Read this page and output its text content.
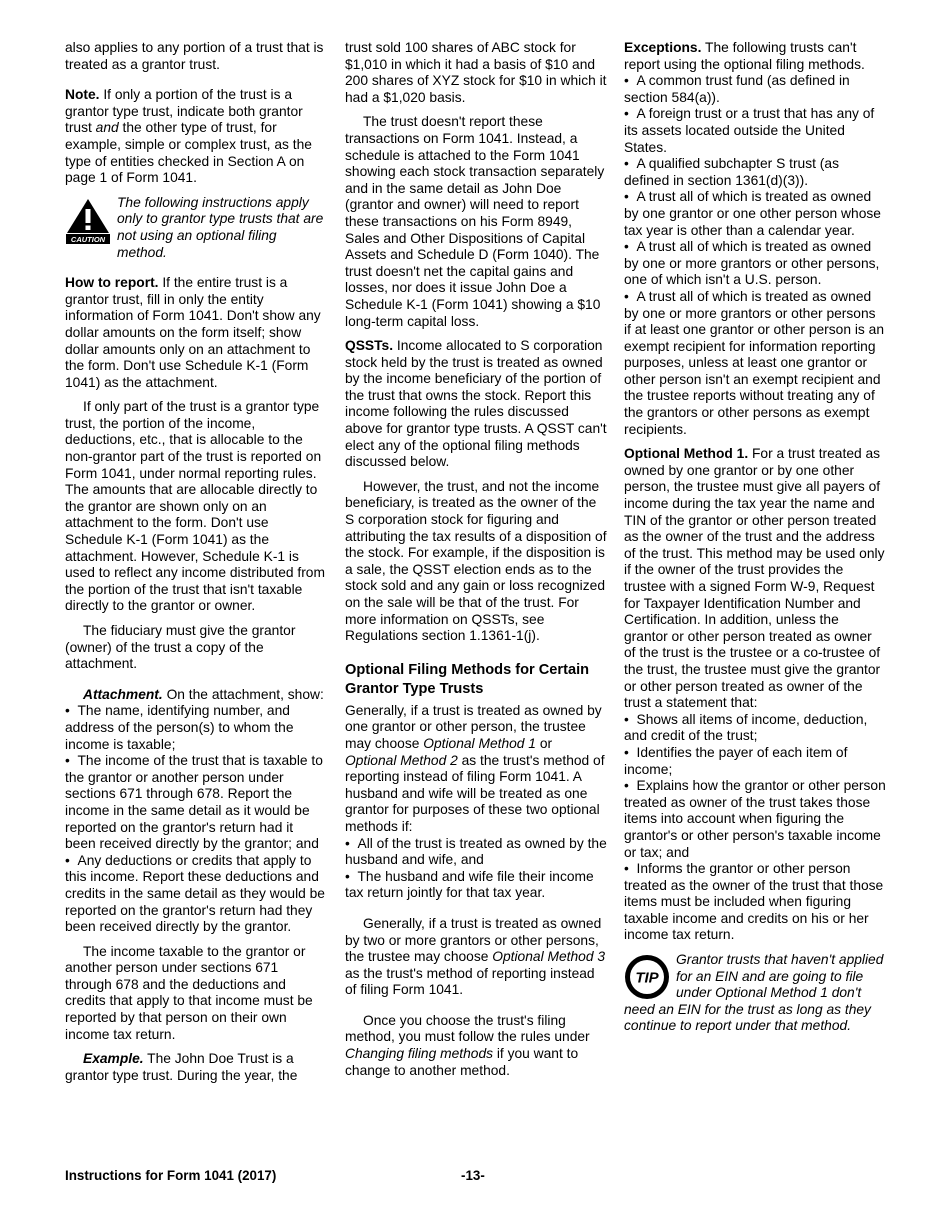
also applies to any portion of a trust that is treated as a grantor trust.

Note. If only a portion of the trust is a grantor type trust, indicate both grantor trust and the other type of trust, for example, simple or complex trust, as the type of entities checked in Section A on page 1 of Form 1041.

CAUTION
The following instructions apply only to grantor type trusts that are not using an optional filing method.

How to report. If the entire trust is a grantor trust, fill in only the entity information of Form 1041. Don't show any dollar amounts on the form itself; show dollar amounts only on an attachment to the form. Don't use Schedule K-1 (Form 1041) as the attachment.

If only part of the trust is a grantor type trust, the portion of the income, deductions, etc., that is allocable to the non-grantor part of the trust is reported on Form 1041, under normal reporting rules. The amounts that are allocable directly to the grantor are shown only on an attachment to the form. Don't use Schedule K-1 (Form 1041) as the attachment. However, Schedule K-1 is used to reflect any income distributed from the portion of the trust that isn't taxable directly to the grantor or owner.

The fiduciary must give the grantor (owner) of the trust a copy of the attachment.

Attachment. On the attachment, show:

•  The name, identifying number, and address of the person(s) to whom the income is taxable;

•  The income of the trust that is taxable to the grantor or another person under sections 671 through 678. Report the income in the same detail as it would be reported on the grantor's return had it been received directly by the grantor; and

•  Any deductions or credits that apply to this income. Report these deductions and credits in the same detail as they would be reported on the grantor's return had they been received directly by the grantor.

The income taxable to the grantor or another person under sections 671 through 678 and the deductions and credits that apply to that income must be reported by that person on their own income tax return.

Example. The John Doe Trust is a grantor type trust. During the year, the

trust sold 100 shares of ABC stock for $1,010 in which it had a basis of $10 and 200 shares of XYZ stock for $10 in which it had a $1,020 basis.

The trust doesn't report these transactions on Form 1041. Instead, a schedule is attached to the Form 1041 showing each stock transaction separately and in the same detail as John Doe (grantor and owner) will need to report these transactions on his Form 8949, Sales and Other Dispositions of Capital Assets and Schedule D (Form 1040). The trust doesn't net the capital gains and losses, nor does it issue John Doe a Schedule K-1 (Form 1041) showing a $10 long-term capital loss.

QSSTs. Income allocated to S corporation stock held by the trust is treated as owned by the income beneficiary of the portion of the trust that owns the stock. Report this income following the rules discussed above for grantor type trusts. A QSST can't elect any of the optional filing methods discussed below.

However, the trust, and not the income beneficiary, is treated as the owner of the S corporation stock for figuring and attributing the tax results of a disposition of the stock. For example, if the disposition is a sale, the QSST election ends as to the stock sold and any gain or loss recognized on the sale will be that of the trust. For more information on QSSTs, see Regulations section 1.1361-1(j).

Optional Filing Methods for Certain Grantor Type Trusts

Generally, if a trust is treated as owned by one grantor or other person, the trustee may choose Optional Method 1 or Optional Method 2 as the trust's method of reporting instead of filing Form 1041. A husband and wife will be treated as one grantor for purposes of these two optional methods if:

•  All of the trust is treated as owned by the husband and wife, and

•  The husband and wife file their income tax return jointly for that tax year.

Generally, if a trust is treated as owned by two or more grantors or other persons, the trustee may choose Optional Method 3 as the trust's method of reporting instead of filing Form 1041.

Once you choose the trust's filing method, you must follow the rules under Changing filing methods if you want to change to another method.

Exceptions. The following trusts can't report using the optional filing methods.

•  A common trust fund (as defined in section 584(a)).

•  A foreign trust or a trust that has any of its assets located outside the United States.

•  A qualified subchapter S trust (as defined in section 1361(d)(3)).

•  A trust all of which is treated as owned by one grantor or one other person whose tax year is other than a calendar year.

•  A trust all of which is treated as owned by one or more grantors or other persons, one of which isn't a U.S. person.

•  A trust all of which is treated as owned by one or more grantors or other persons if at least one grantor or other person is an exempt recipient for information reporting purposes, unless at least one grantor or other person isn't an exempt recipient and the trustee reports without treating any of the grantors or other persons as exempt recipients.

Optional Method 1. For a trust treated as owned by one grantor or by one other person, the trustee must give all payers of income during the tax year the name and TIN of the grantor or other person treated as the owner of the trust and the address of the trust. This method may be used only if the owner of the trust provides the trustee with a signed Form W-9, Request for Taxpayer Identification Number and Certification. In addition, unless the grantor or other person treated as owner of the trust is the trustee or a co-trustee of the trust, the trustee must give the grantor or other person treated as owner of the trust a statement that:

•  Shows all items of income, deduction, and credit of the trust;

•  Identifies the payer of each item of income;

•  Explains how the grantor or other person treated as owner of the trust takes those items into account when figuring the grantor's or other person's taxable income or tax; and

•  Informs the grantor or other person treated as the owner of the trust that those items must be included when figuring taxable income and credits on his or her income tax return.

TIP
Grantor trusts that haven't applied for an EIN and are going to file under Optional Method 1 don't need an EIN for the trust as long as they continue to report under that method.
Instructions for Form 1041 (2017)	-13-
